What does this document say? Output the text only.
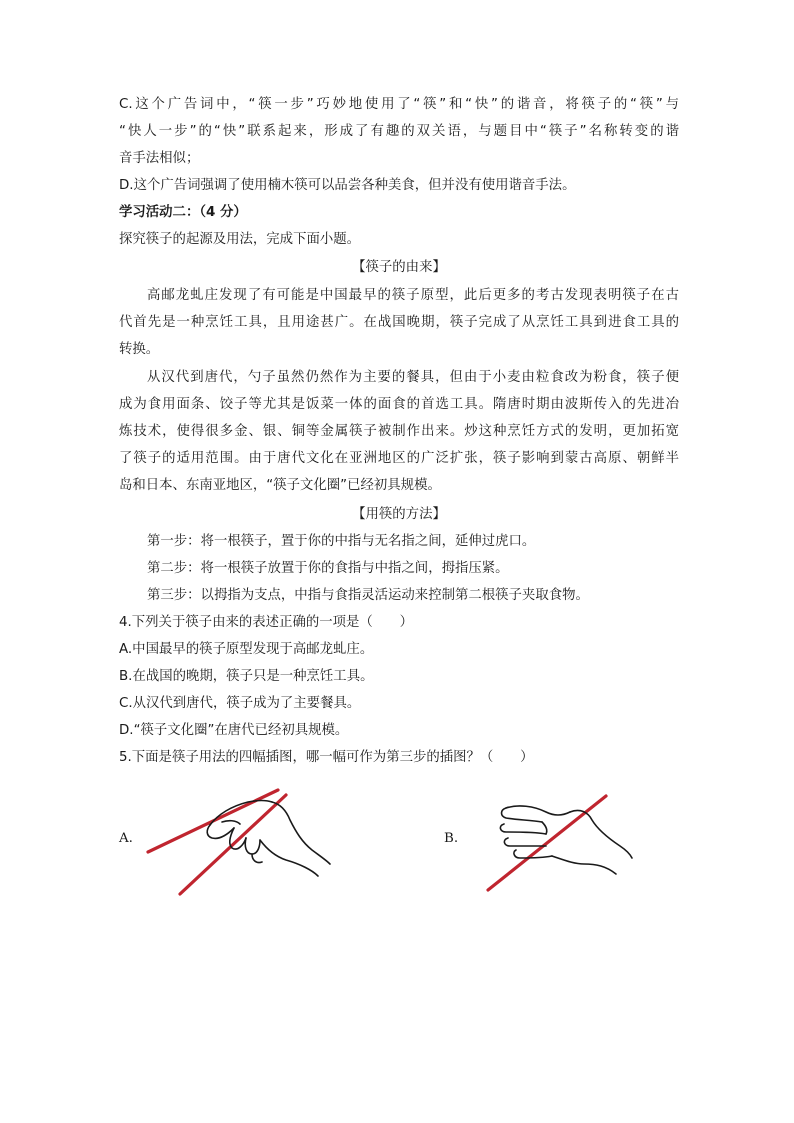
C.这个广告词中，“筷一步”巧妙地使用了“筷”和“快”的谐音，将筷子的“筷”与
“快人一步”的“快”联系起来，形成了有趣的双关语，与题目中“筷子”名称转变的谐
音手法相似；
D.这个广告词强调了使用楠木筷可以品尝各种美食，但并没有使用谐音手法。
学习活动二：（4 分）
探究筷子的起源及用法，完成下面小题。
【筷子的由来】
高邮龙虬庄发现了有可能是中国最早的筷子原型，此后更多的考古发现表明筷子在古
代首先是一种烹饪工具，且用途甚广。在战国晚期，筷子完成了从烹饪工具到进食工具的
转换。
从汉代到唐代，勺子虽然仍然作为主要的餐具，但由于小麦由粒食改为粉食，筷子便
成为食用面条、饺子等尤其是饭菜一体的面食的首选工具。隋唐时期由波斯传入的先进冶
炼技术，使得很多金、银、铜等金属筷子被制作出来。炒这种烹饪方式的发明，更加拓宽
了筷子的适用范围。由于唐代文化在亚洲地区的广泛扩张，筷子影响到蒙古高原、朝鲜半
岛和日本、东南亚地区，“筷子文化圈”已经初具规模。
【用筷的方法】
第一步：将一根筷子，置于你的中指与无名指之间，延伸过虎口。
第二步：将一根筷子放置于你的食指与中指之间，拇指压紧。
第三步：以拇指为支点，中指与食指灵活运动来控制第二根筷子夹取食物。
4.下列关于筷子由来的表述正确的一项是（　　）
A.中国最早的筷子原型发现于高邮龙虬庄。
B.在战国的晚期，筷子只是一种烹饪工具。
C.从汉代到唐代，筷子成为了主要餐具。
D.“筷子文化圈”在唐代已经初具规模。
5.下面是筷子用法的四幅插图，哪一幅可作为第三步的插图？（　　）
A.	B.
